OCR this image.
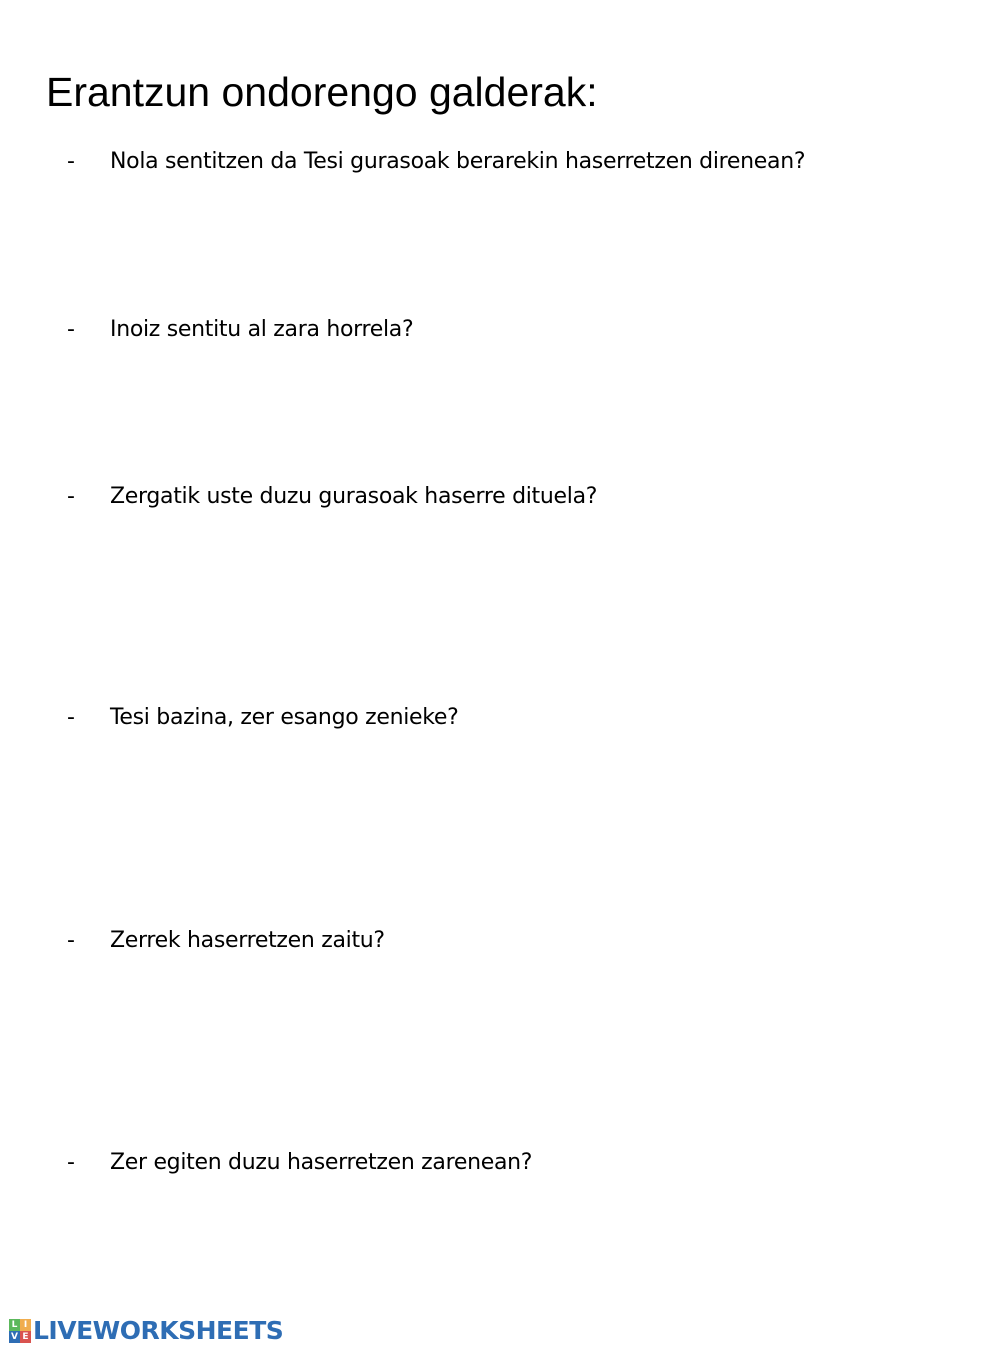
Erantzun ondorengo galderak:
- Nola sentitzen da Tesi gurasoak berarekin haserretzen direnean?
- Inoiz sentitu al zara horrela?
- Zergatik uste duzu gurasoak haserre dituela?
- Tesi bazina, zer esango zenieke?
- Zerrek haserretzen zaitu?
- Zer egiten duzu haserretzen zarenean?
L I
V E LIVEWORKSHEETS
